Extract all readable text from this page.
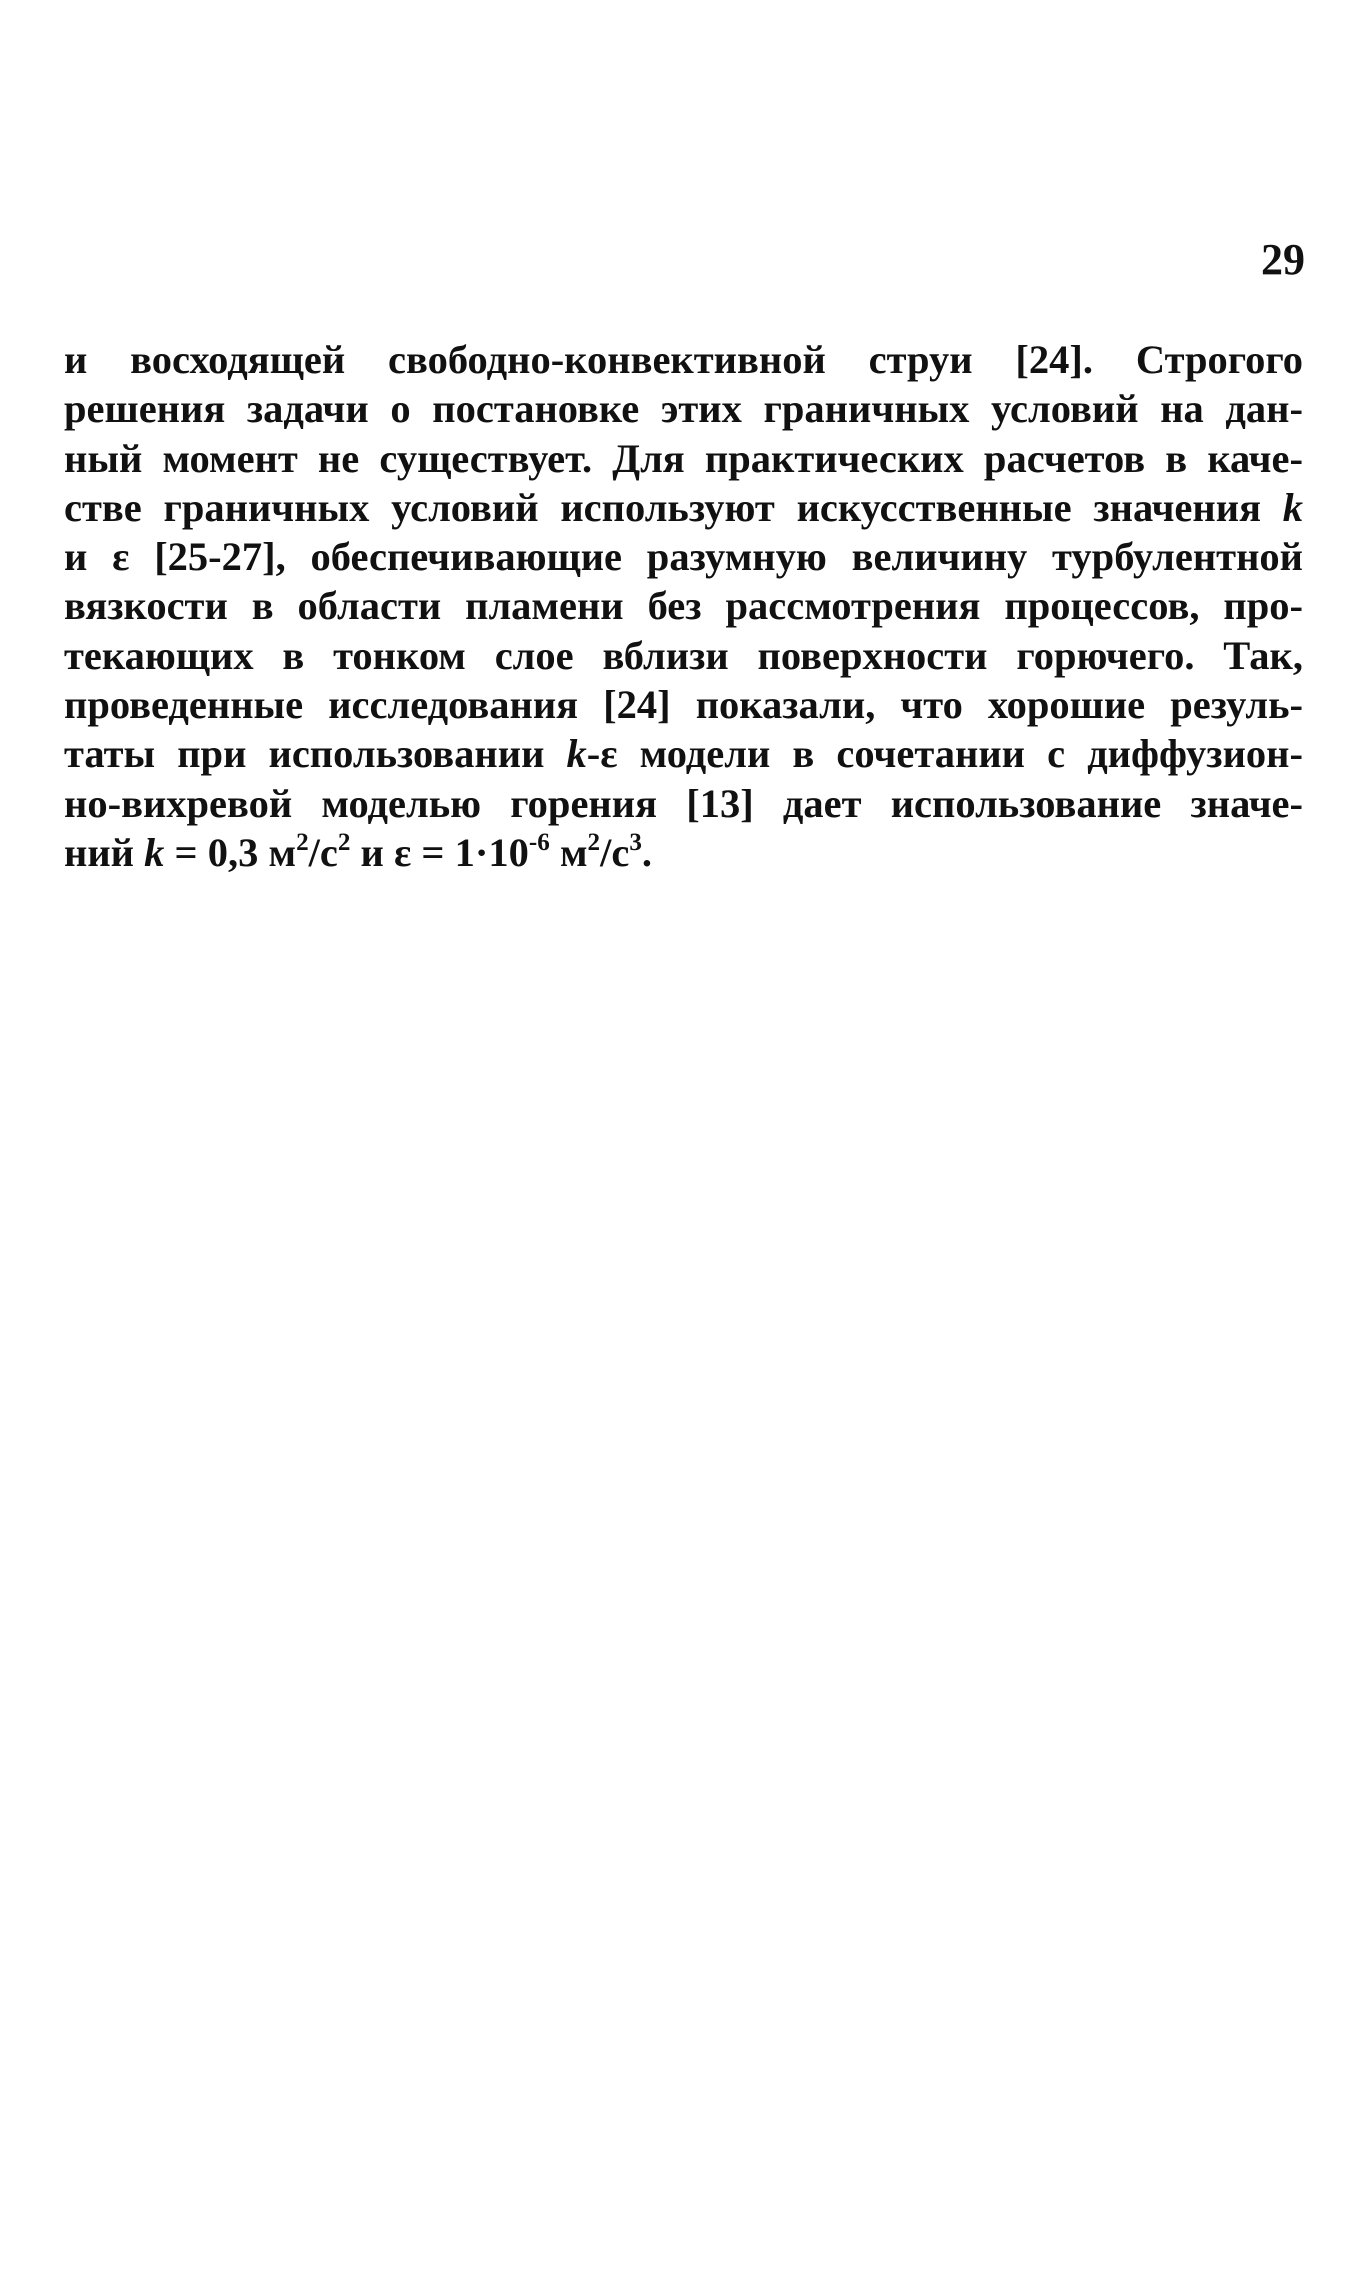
29

и восходящей свободно-конвективной струи [24]. Строгого
решения задачи о постановке этих граничных условий на дан-
ный момент не существует. Для практических расчетов в каче-
стве граничных условий используют искусственные значения k
и ε [25-27], обеспечивающие разумную величину турбулентной
вязкости в области пламени без рассмотрения процессов, про-
текающих в тонком слое вблизи поверхности горючего. Так,
проведенные исследования [24] показали, что хорошие резуль-
таты при использовании k-ε модели в сочетании с диффузион-
но-вихревой моделью горения [13] дает использование значе-
ний k = 0,3 $м^2/с^2$ и $\varepsilon = 1\cdot 10^{-6}$ $м^2/с^3$.
